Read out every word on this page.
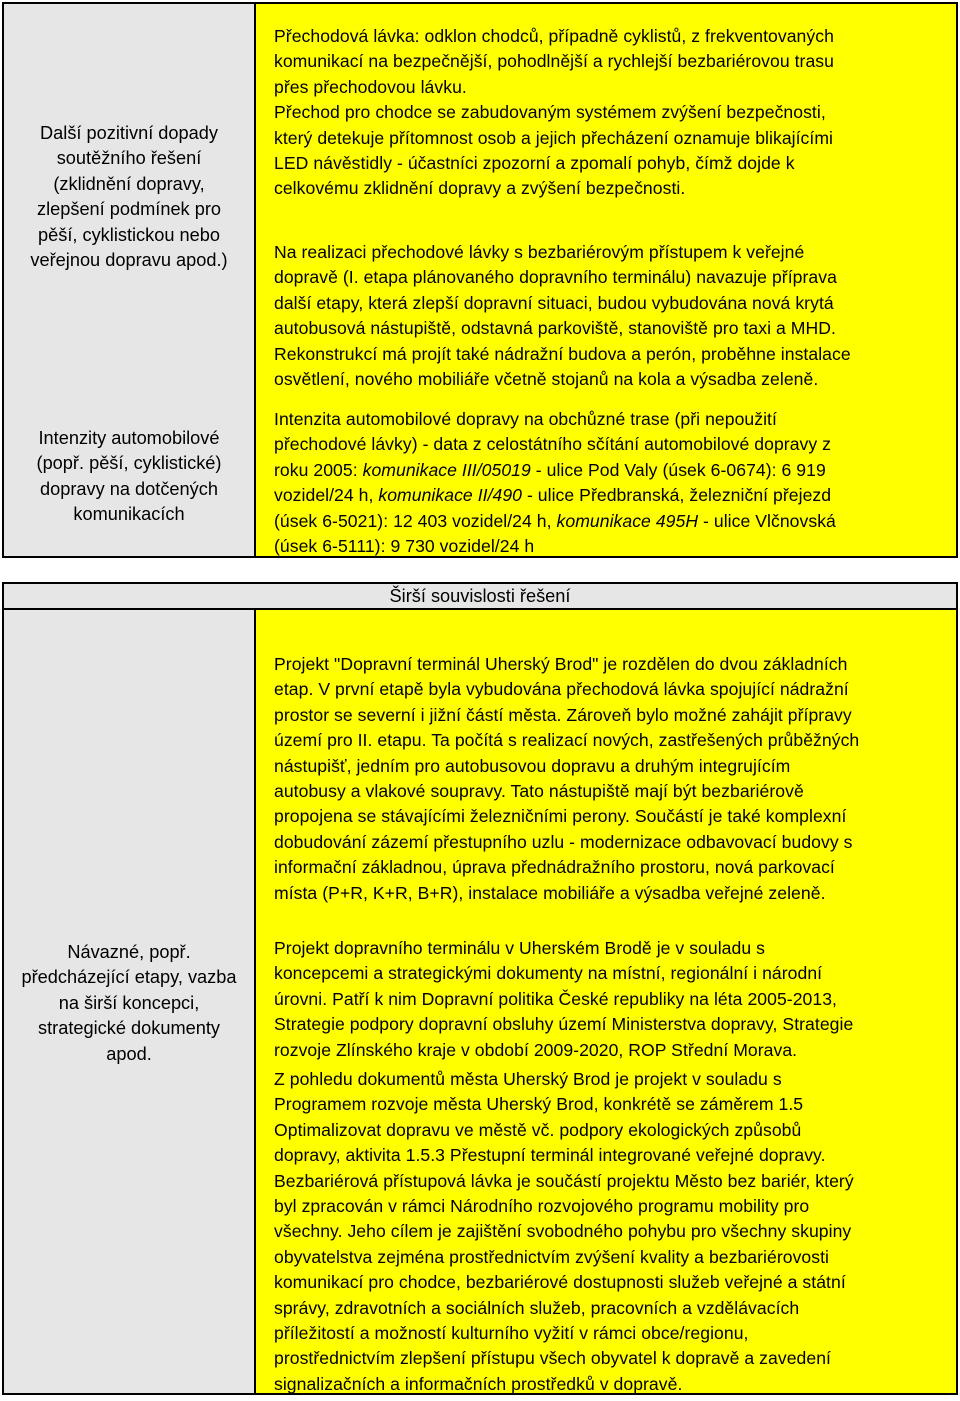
Další pozitivní dopady
soutěžního řešení
(zklidnění dopravy,
zlepšení podmínek pro
pěší, cyklistickou nebo
veřejnou dopravu apod.)
Intenzity automobilové
(popř. pěší, cyklistické)
dopravy na dotčených
komunikacích
Přechodová lávka: odklon chodců, případně cyklistů, z frekventovaných
komunikací na bezpečnější, pohodlnější a rychlejší bezbariérovou trasu
přes přechodovou lávku.
Přechod pro chodce se zabudovaným systémem zvýšení bezpečnosti,
který detekuje přítomnost osob a jejich přecházení oznamuje blikajícími
LED návěstidly - účastníci zpozorní a zpomalí pohyb, čímž dojde k
celkovému zklidnění dopravy a zvýšení bezpečnosti.
Na realizaci přechodové lávky s bezbariérovým přístupem k veřejné
dopravě (I. etapa plánovaného dopravního terminálu) navazuje příprava
další etapy, která zlepší dopravní situaci, budou vybudována nová krytá
autobusová nástupiště, odstavná parkoviště, stanoviště pro taxi a MHD.
Rekonstrukcí má projít také nádražní budova a perón, proběhne instalace
osvětlení, nového mobiliáře včetně stojanů na kola a výsadba zeleně.
Intenzita automobilové dopravy na obchůzné trase (při nepoužití
přechodové lávky) - data z celostátního sčítání automobilové dopravy z
roku 2005: komunikace III/05019 - ulice Pod Valy (úsek 6-0674): 6 919
vozidel/24 h, komunikace II/490 - ulice Předbranská, železniční přejezd
(úsek 6-5021): 12 403 vozidel/24 h, komunikace 495H - ulice Vlčnovská
(úsek 6-5111): 9 730 vozidel/24 h
Širší souvislosti řešení
Návazné, popř.
předcházející etapy, vazba
na širší koncepci,
strategické dokumenty
apod.
Projekt "Dopravní terminál Uherský Brod" je rozdělen do dvou základních
etap. V první etapě byla vybudována přechodová lávka spojující nádražní
prostor se severní i jižní částí města. Zároveň bylo možné zahájit přípravy
území pro II. etapu. Ta počítá s realizací nových, zastřešených průběžných
nástupišť, jedním pro autobusovou dopravu a druhým integrujícím
autobusy a vlakové soupravy. Tato nástupiště mají být bezbariérově
propojena se stávajícími železničními perony. Součástí je také komplexní
dobudování zázemí přestupního uzlu - modernizace odbavovací budovy s
informační základnou, úprava přednádražního prostoru, nová parkovací
místa (P+R, K+R, B+R), instalace mobiliáře a výsadba veřejné zeleně.
Projekt dopravního terminálu v Uherském Brodě je v souladu s
koncepcemi a strategickými dokumenty na místní, regionální i národní
úrovni. Patří k nim Dopravní politika České republiky na léta 2005-2013,
Strategie podpory dopravní obsluhy území Ministerstva dopravy, Strategie
rozvoje Zlínského kraje v období 2009-2020, ROP Střední Morava.
Z pohledu dokumentů města Uherský Brod je projekt v souladu s
Programem rozvoje města Uherský Brod, konkrétě se záměrem 1.5
Optimalizovat dopravu ve městě vč. podpory ekologických způsobů
dopravy, aktivita 1.5.3 Přestupní terminál integrované veřejné dopravy.
Bezbariérová přístupová lávka je součástí projektu Město bez bariér, který
byl zpracován v rámci Národního rozvojového programu mobility pro
všechny. Jeho cílem je zajištění svobodného pohybu pro všechny skupiny
obyvatelstva zejména prostřednictvím zvýšení kvality a bezbariérovosti
komunikací pro chodce, bezbariérové dostupnosti služeb veřejné a státní
správy, zdravotních a sociálních služeb, pracovních a vzdělávacích
příležitostí a možností kulturního vyžití v rámci obce/regionu,
prostřednictvím zlepšení přístupu všech obyvatel k dopravě a zavedení
signalizačních a informačních prostředků v dopravě.
